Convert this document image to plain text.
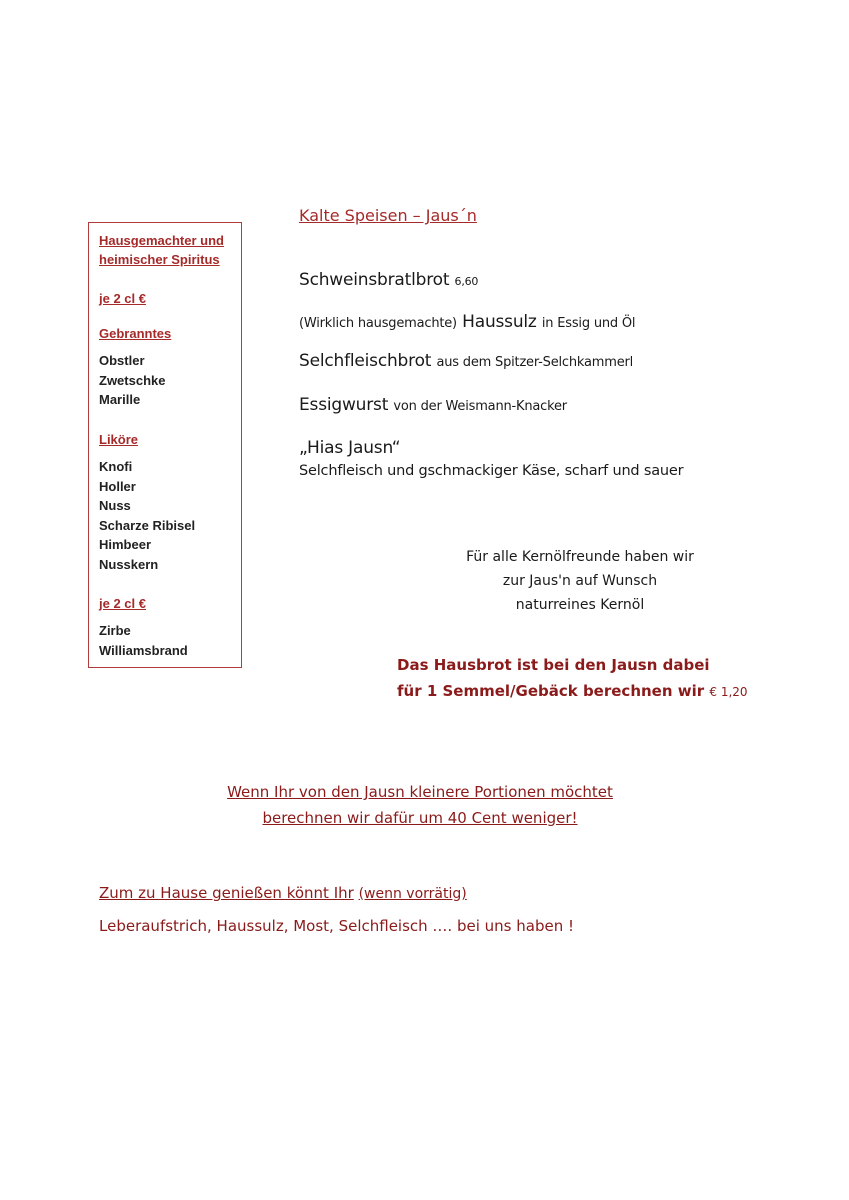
Hausgemachter und
heimischer Spiritus
je 2 cl €
Gebranntes
Obstler
Zwetschke
Marille
Liköre
Knofi
Holler
Nuss
Scharze Ribisel
Himbeer
Nusskern
je 2 cl €
Zirbe
Williamsbrand
Kalte Speisen – Jaus´n
Schweinsbratlbrot 6,60
(Wirklich hausgemachte) Haussulz in Essig und Öl
Selchfleischbrot aus dem Spitzer-Selchkammerl
Essigwurst von der Weismann-Knacker
„Hias Jausn“
Selchfleisch und gschmackiger Käse, scharf und sauer
Für alle Kernölfreunde haben wir
zur Jaus'n auf Wunsch
naturreines Kernöl
Das Hausbrot ist bei den Jausn dabei
für 1 Semmel/Gebäck berechnen wir € 1,20
Wenn Ihr von den Jausn kleinere Portionen möchtet
berechnen wir dafür um 40 Cent weniger!
Zum zu Hause genießen könnt Ihr (wenn vorrätig)
Leberaufstrich, Haussulz, Most, Selchfleisch …. bei uns haben !
